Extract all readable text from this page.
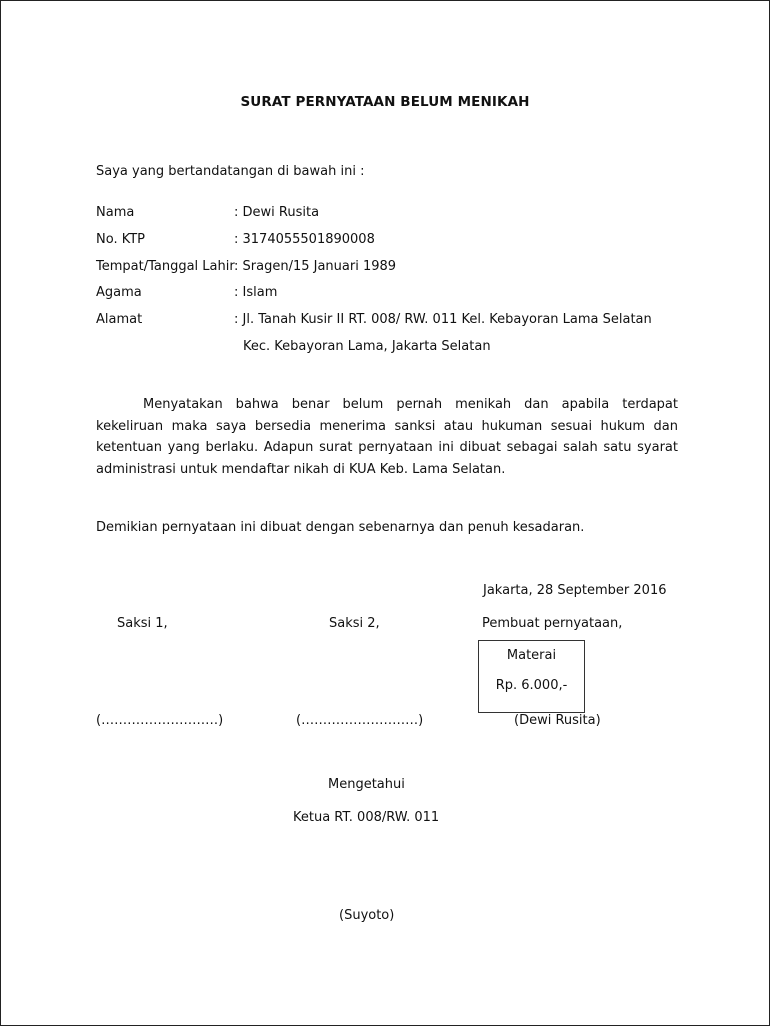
SURAT PERNYATAAN BELUM MENIKAH
Saya yang bertandatangan di bawah ini :
Nama	: Dewi Rusita
No. KTP	: 3174055501890008
Tempat/Tanggal Lahir : Sragen/15 Januari 1989
Agama	: Islam
Alamat	: Jl. Tanah Kusir II RT. 008/ RW. 011 Kel. Kebayoran Lama Selatan
Kec. Kebayoran Lama, Jakarta Selatan
Menyatakan bahwa benar belum pernah menikah dan apabila terdapat kekeliruan maka saya bersedia menerima sanksi atau hukuman sesuai hukum dan ketentuan yang berlaku. Adapun surat pernyataan ini dibuat sebagai salah satu syarat administrasi untuk mendaftar nikah di KUA Keb. Lama Selatan.
Demikian pernyataan ini dibuat dengan sebenarnya dan penuh kesadaran.
Jakarta, 28 September 2016
Saksi 1,	Saksi 2,	Pembuat pernyataan,
Materai
Rp. 6.000,-
(………………………)	(………………………)	(Dewi Rusita)
Mengetahui
Ketua RT. 008/RW. 011
(Suyoto)
